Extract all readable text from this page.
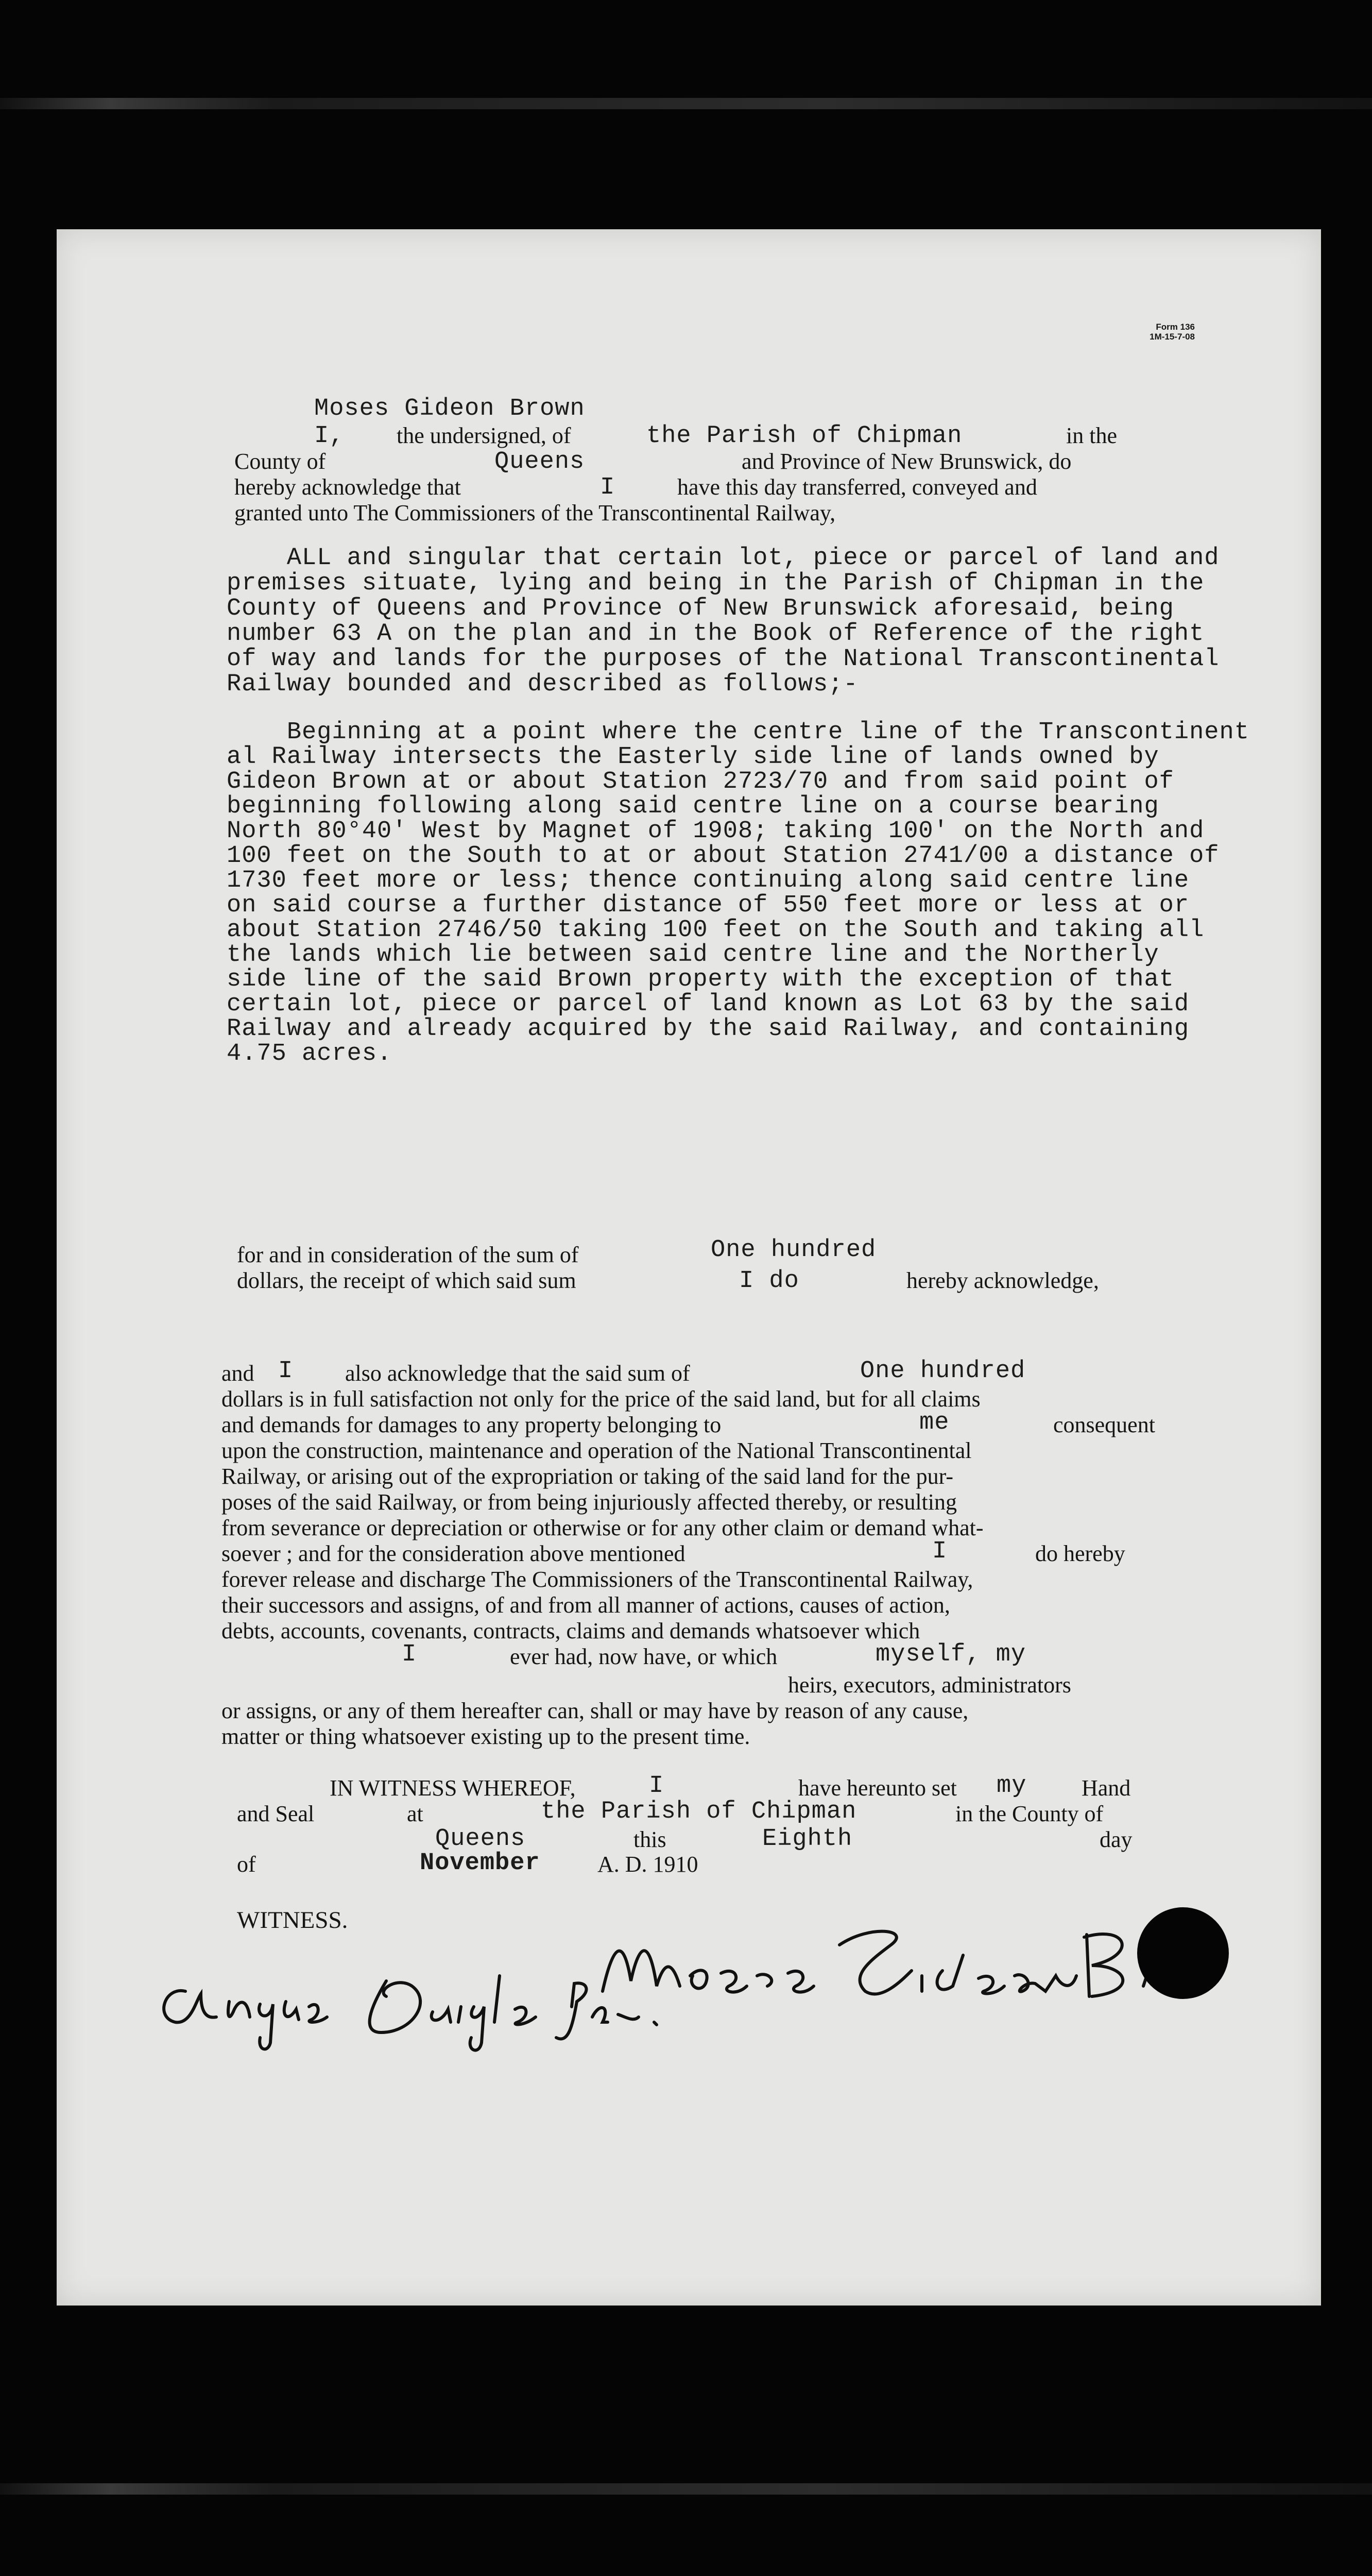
Form 136
1M-15-7-08
Moses Gideon Brown
I, the undersigned, of	the Parish of Chipman	in the
County of	Queens	and Province of New Brunswick, do
hereby acknowledge that	I	have this day transferred, conveyed and
granted unto The Commissioners of the Transcontinental Railway,
ALL and singular that certain lot, piece or parcel of land and
premises situate, lying and being in the Parish of Chipman in the
County of Queens and Province of New Brunswick aforesaid, being
number 63 A on the plan and in the Book of Reference of the right
of way and lands for the purposes of the National Transcontinental
Railway bounded and described as follows;-
Beginning at a point where the centre line of the Transcontinent
al Railway intersects the Easterly side line of lands owned by
Gideon Brown at or about Station 2723/70 and from said point of
beginning following along said centre line on a course bearing
North 80°40' West by Magnet of 1908; taking 100' on the North and
100 feet on the South to at or about Station 2741/00 a distance of
1730 feet more or less; thence continuing along said centre line
on said course a further distance of 550 feet more or less at or
about Station 2746/50 taking 100 feet on the South and taking all
the lands which lie between said centre line and the Northerly
side line of the said Brown property with the exception of that
certain lot, piece or parcel of land known as Lot 63 by the said
Railway and already acquired by the said Railway, and containing
4.75 acres.
for and in consideration of the sum of	One hundred
dollars, the receipt of which said sum	I do	hereby acknowledge,
and I also acknowledge that the said sum of	One hundred
dollars is in full satisfaction not only for the price of the said land, but for all claims
and demands for damages to any property belonging to	me	consequent
upon the construction, maintenance and operation of the National Transcontinental
Railway, or arising out of the expropriation or taking of the said land for the pur-
poses of the said Railway, or from being injuriously affected thereby, or resulting
from severance or depreciation or otherwise or for any other claim or demand what-
soever ; and for the consideration above mentioned	I	do hereby
forever release and discharge The Commissioners of the Transcontinental Railway,
their successors and assigns, of and from all manner of actions, causes of action,
debts, accounts, covenants, contracts, claims and demands whatsoever which
I	ever had, now have, or which	myself, my
heirs, executors, administrators
or assigns, or any of them hereafter can, shall or may have by reason of any cause,
matter or thing whatsoever existing up to the present time.
IN WITNESS WHEREOF,	I	have hereunto set my Hand
and Seal	at	the Parish of Chipman	in the County of
Queens	this	Eighth	day
of	November	A. D. 1910
WITNESS.
